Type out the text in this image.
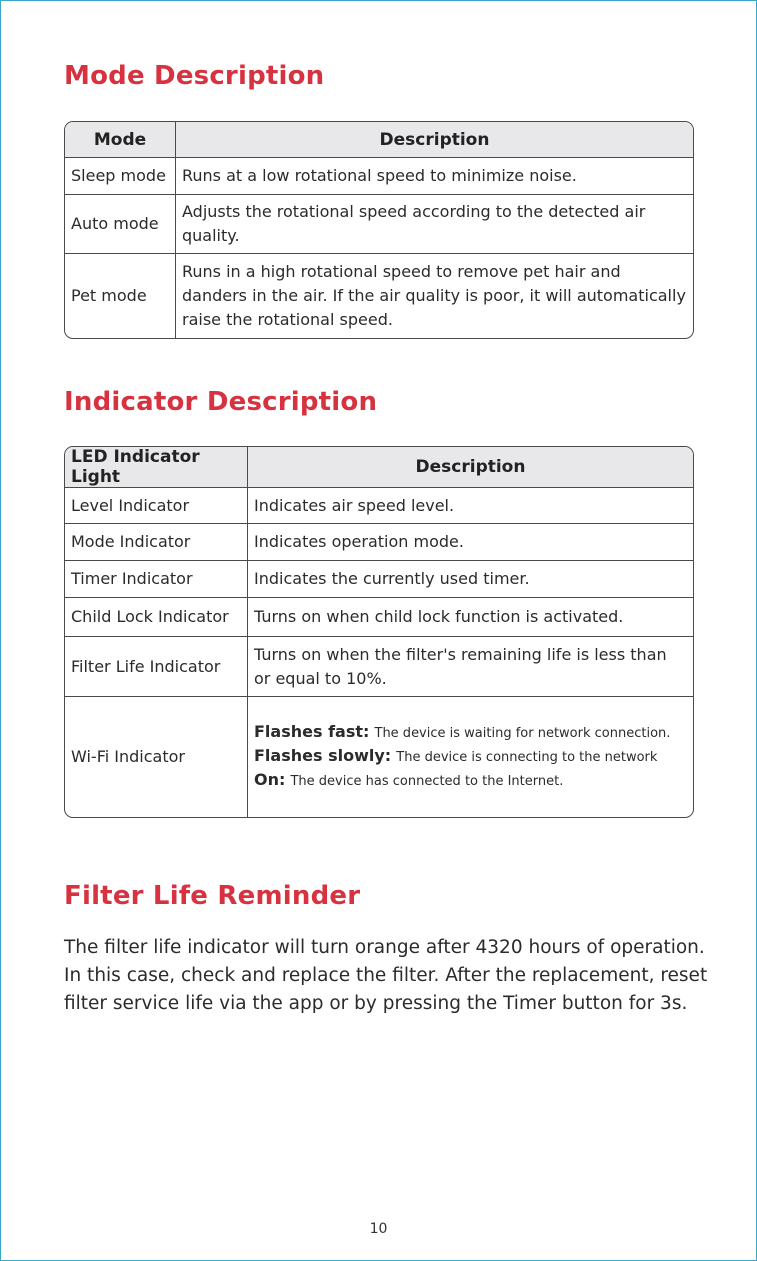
Mode Description
Mode	Description
Sleep mode	Runs at a low rotational speed to minimize noise.
Auto mode	Adjusts the rotational speed according to the detected air quality.
Pet mode	Runs in a high rotational speed to remove pet hair and danders in the air. If the air quality is poor, it will automatically raise the rotational speed.
Indicator Description
LED Indicator Light	Description
Level Indicator	Indicates air speed level.
Mode Indicator	Indicates operation mode.
Timer Indicator	Indicates the currently used timer.
Child Lock Indicator	Turns on when child lock function is activated.
Filter Life Indicator	Turns on when the filter's remaining life is less than or equal to 10%.
Wi-Fi Indicator	Flashes fast: The device is waiting for network connection.
Flashes slowly: The device is connecting to the network
On: The device has connected to the Internet.
Filter Life Reminder

The filter life indicator will turn orange after 4320 hours of operation. In this case, check and replace the filter. After the replacement, reset filter service life via the app or by pressing the Timer button for 3s.

10
